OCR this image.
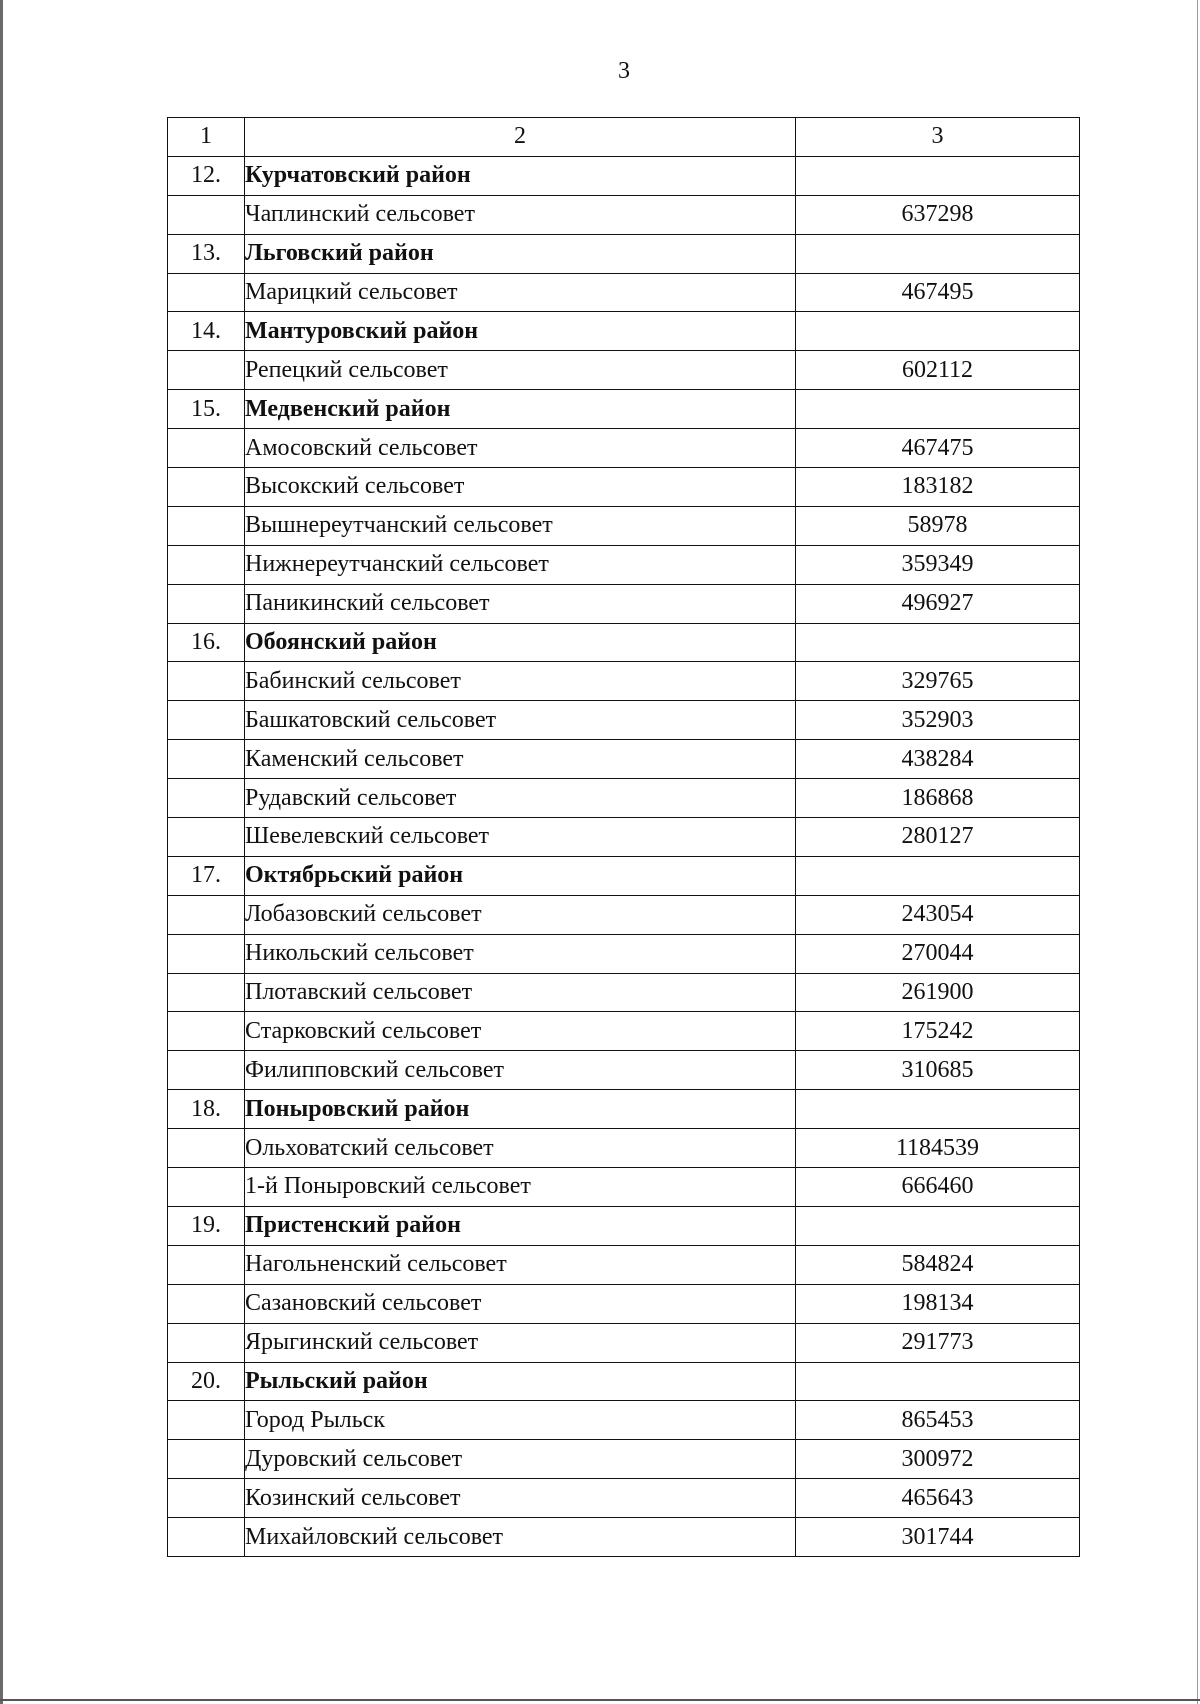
3
1	2	3
12.	Курчатовский район	
	Чаплинский сельсовет	637298
13.	Льговский район	
	Марицкий сельсовет	467495
14.	Мантуровский район	
	Репецкий сельсовет	602112
15.	Медвенский район	
	Амосовский сельсовет	467475
	Высокский сельсовет	183182
	Вышнереутчанский сельсовет	58978
	Нижнереутчанский сельсовет	359349
	Паникинский сельсовет	496927
16.	Обоянский район	
	Бабинский сельсовет	329765
	Башкатовский сельсовет	352903
	Каменский сельсовет	438284
	Рудавский сельсовет	186868
	Шевелевский сельсовет	280127
17.	Октябрьский район	
	Лобазовский сельсовет	243054
	Никольский сельсовет	270044
	Плотавский сельсовет	261900
	Старковский сельсовет	175242
	Филипповский сельсовет	310685
18.	Поныровский район	
	Ольховатский сельсовет	1184539
	1-й Поныровский сельсовет	666460
19.	Пристенский район	
	Нагольненский сельсовет	584824
	Сазановский сельсовет	198134
	Ярыгинский сельсовет	291773
20.	Рыльский район	
	Город Рыльск	865453
	Дуровский сельсовет	300972
	Козинский сельсовет	465643
	Михайловский сельсовет	301744
